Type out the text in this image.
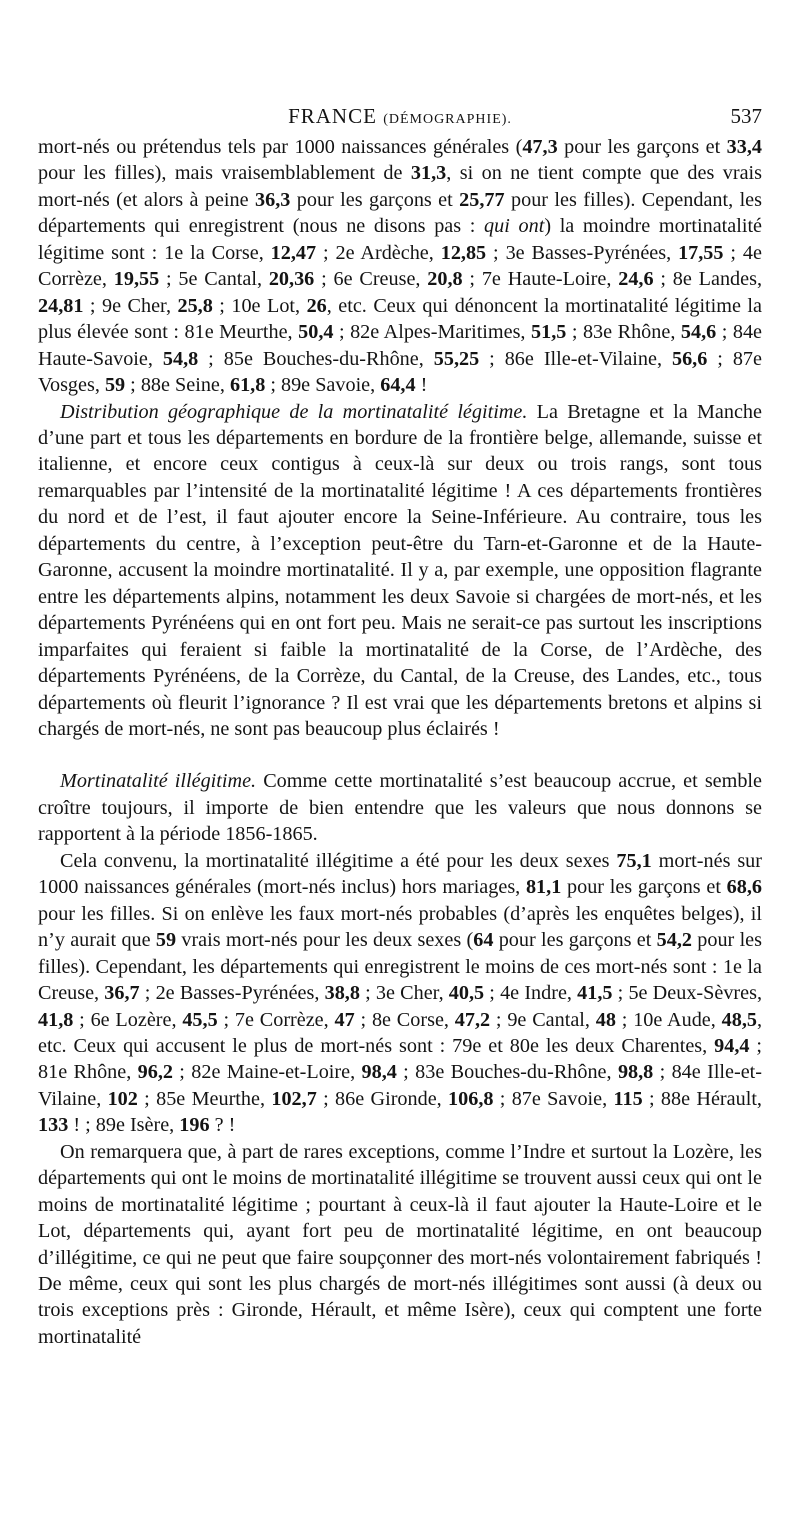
FRANCE (DÉMOGRAPHIE).	537

mort-nés ou prétendus tels par 1000 naissances générales (47,3 pour les garçons et 33,4 pour les filles), mais vraisemblablement de 31,3, si on ne tient compte que des vrais mort-nés (et alors à peine 36,3 pour les garçons et 25,77 pour les filles). Cependant, les départements qui enregistrent (nous ne disons pas : qui ont) la moindre mortinatalité légitime sont : 1e la Corse, 12,47 ; 2e Ardèche, 12,85 ; 3e Basses-Pyrénées, 17,55 ; 4e Corrèze, 19,55 ; 5e Cantal, 20,36 ; 6e Creuse, 20,8 ; 7e Haute-Loire, 24,6 ; 8e Landes, 24,81 ; 9e Cher, 25,8 ; 10e Lot, 26, etc. Ceux qui dénoncent la mortinatalité légitime la plus élevée sont : 81e Meurthe, 50,4 ; 82e Alpes-Maritimes, 51,5 ; 83e Rhône, 54,6 ; 84e Haute-Savoie, 54,8 ; 85e Bouches-du-Rhône, 55,25 ; 86e Ille-et-Vilaine, 56,6 ; 87e Vosges, 59 ; 88e Seine, 61,8 ; 89e Savoie, 64,4 !

Distribution géographique de la mortinatalité légitime. La Bretagne et la Manche d’une part et tous les départements en bordure de la frontière belge, allemande, suisse et italienne, et encore ceux contigus à ceux-là sur deux ou trois rangs, sont tous remarquables par l’intensité de la mortinatalité légitime ! A ces départements frontières du nord et de l’est, il faut ajouter encore la Seine-Inférieure. Au contraire, tous les départements du centre, à l’exception peut-être du Tarn-et-Garonne et de la Haute-Garonne, accusent la moindre mortinatalité. Il y a, par exemple, une opposition flagrante entre les départements alpins, notamment les deux Savoie si chargées de mort-nés, et les départements Pyrénéens qui en ont fort peu. Mais ne serait-ce pas surtout les inscriptions imparfaites qui feraient si faible la mortinatalité de la Corse, de l’Ardèche, des départements Pyrénéens, de la Corrèze, du Cantal, de la Creuse, des Landes, etc., tous départements où fleurit l’ignorance ? Il est vrai que les départements bretons et alpins si chargés de mort-nés, ne sont pas beaucoup plus éclairés !

Mortinatalité illégitime. Comme cette mortinatalité s’est beaucoup accrue, et semble croître toujours, il importe de bien entendre que les valeurs que nous donnons se rapportent à la période 1856-1865.

Cela convenu, la mortinatalité illégitime a été pour les deux sexes 75,1 mort-nés sur 1000 naissances générales (mort-nés inclus) hors mariages, 81,1 pour les garçons et 68,6 pour les filles. Si on enlève les faux mort-nés probables (d’après les enquêtes belges), il n’y aurait que 59 vrais mort-nés pour les deux sexes (64 pour les garçons et 54,2 pour les filles). Cependant, les départements qui enregistrent le moins de ces mort-nés sont : 1e la Creuse, 36,7 ; 2e Basses-Pyrénées, 38,8 ; 3e Cher, 40,5 ; 4e Indre, 41,5 ; 5e Deux-Sèvres, 41,8 ; 6e Lozère, 45,5 ; 7e Corrèze, 47 ; 8e Corse, 47,2 ; 9e Cantal, 48 ; 10e Aude, 48,5, etc. Ceux qui accusent le plus de mort-nés sont : 79e et 80e les deux Charentes, 94,4 ; 81e Rhône, 96,2 ; 82e Maine-et-Loire, 98,4 ; 83e Bouches-du-Rhône, 98,8 ; 84e Ille-et-Vilaine, 102 ; 85e Meurthe, 102,7 ; 86e Gironde, 106,8 ; 87e Savoie, 115 ; 88e Hérault, 133 ! ; 89e Isère, 196 ? !

On remarquera que, à part de rares exceptions, comme l’Indre et surtout la Lozère, les départements qui ont le moins de mortinatalité illégitime se trouvent aussi ceux qui ont le moins de mortinatalité légitime ; pourtant à ceux-là il faut ajouter la Haute-Loire et le Lot, départements qui, ayant fort peu de mortinatalité légitime, en ont beaucoup d’illégitime, ce qui ne peut que faire soupçonner des mort-nés volontairement fabriqués ! De même, ceux qui sont les plus chargés de mort-nés illégitimes sont aussi (à deux ou trois exceptions près : Gironde, Hérault, et même Isère), ceux qui comptent une forte mortinatalité
